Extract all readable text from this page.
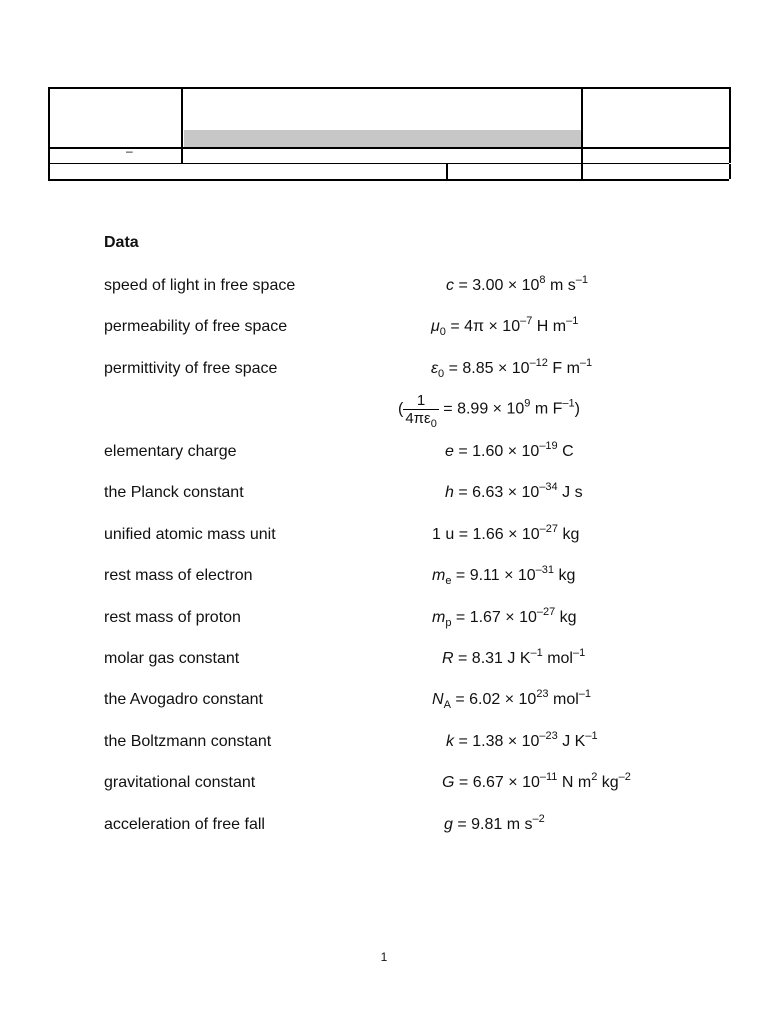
–
Data
speed of light in free space	$c = 3.00 \times 10^8$ m $s^{-1}$
permeability of free space	$\mu_0 = 4\pi \times 10^{-7}$ H $m^{-1}$
permittivity of free space	$\varepsilon_0 = 8.85 \times 10^{-12}$ F $m^{-1}$
( $\frac{1}{4\pi\varepsilon_0} = 8.99 \times 10^9$ m $F^{-1}$)
elementary charge	$e = 1.60 \times 10^{-19}$ C
the Planck constant	$h = 6.63 \times 10^{-34}$ J s
unified atomic mass unit	1 $u = 1.66 \times 10^{-27}$ kg
rest mass of electron	$m_e = 9.11 \times 10^{-31}$ kg
rest mass of proton	$m_p = 1.67 \times 10^{-27}$ kg
molar gas constant	R = 8.31 J $K^{-1}$ mol$^{-1}$
the Avogadro constant	$N_A = 6.02 \times 10^{23}$ mol$^{-1}$
the Boltzmann constant	$k = 1.38 \times 10^{-23}$ J $K^{-1}$
gravitational constant	$G = 6.67 \times 10^{-11}$ N $m^2$ $kg^{-2}$
acceleration of free fall	g = 9.81 m $s^{-2}$
1
